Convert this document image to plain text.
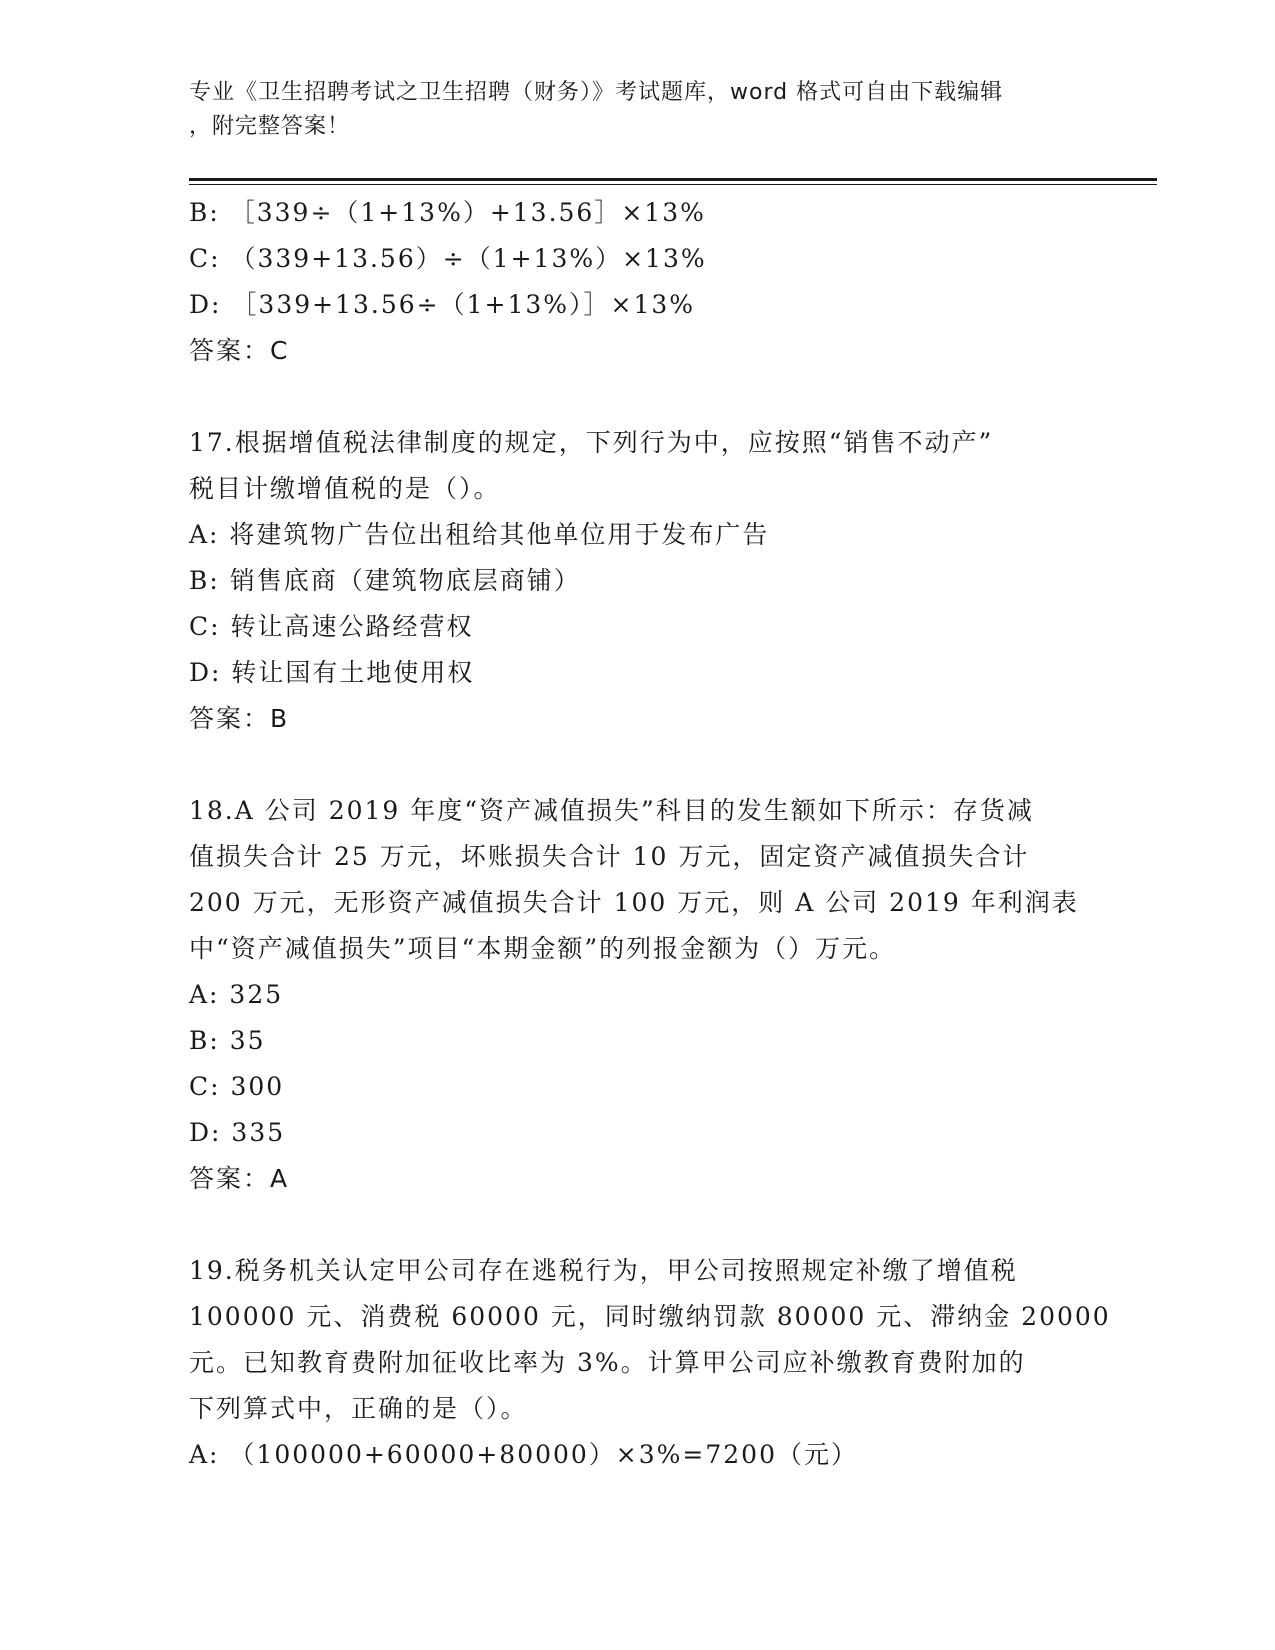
专业《卫生招聘考试之卫生招聘（财务）》考试题库，word 格式可自由下载编辑
，附完整答案！
B: ［339÷（1+13%）+13.56］×13%
C: （339+13.56）÷（1+13%）×13%
D: ［339+13.56÷（1+13%）］×13%
答案：C
17.根据增值税法律制度的规定，下列行为中，应按照“销售不动产”
税目计缴增值税的是（）。
A: 将建筑物广告位出租给其他单位用于发布广告
B: 销售底商（建筑物底层商铺）
C: 转让高速公路经营权
D: 转让国有土地使用权
答案：B
18.A 公司 2019 年度“资产减值损失”科目的发生额如下所示：存货减
值损失合计 25 万元，坏账损失合计 10 万元，固定资产减值损失合计
200 万元，无形资产减值损失合计 100 万元，则 A 公司 2019 年利润表
中“资产减值损失”项目“本期金额”的列报金额为（）万元。
A: 325
B: 35
C: 300
D: 335
答案：A
19.税务机关认定甲公司存在逃税行为，甲公司按照规定补缴了增值税
100000 元、消费税 60000 元，同时缴纳罚款 80000 元、滞纳金 20000
元。已知教育费附加征收比率为 3%。计算甲公司应补缴教育费附加的
下列算式中，正确的是（）。
A: （100000+60000+80000）×3%=7200（元）
